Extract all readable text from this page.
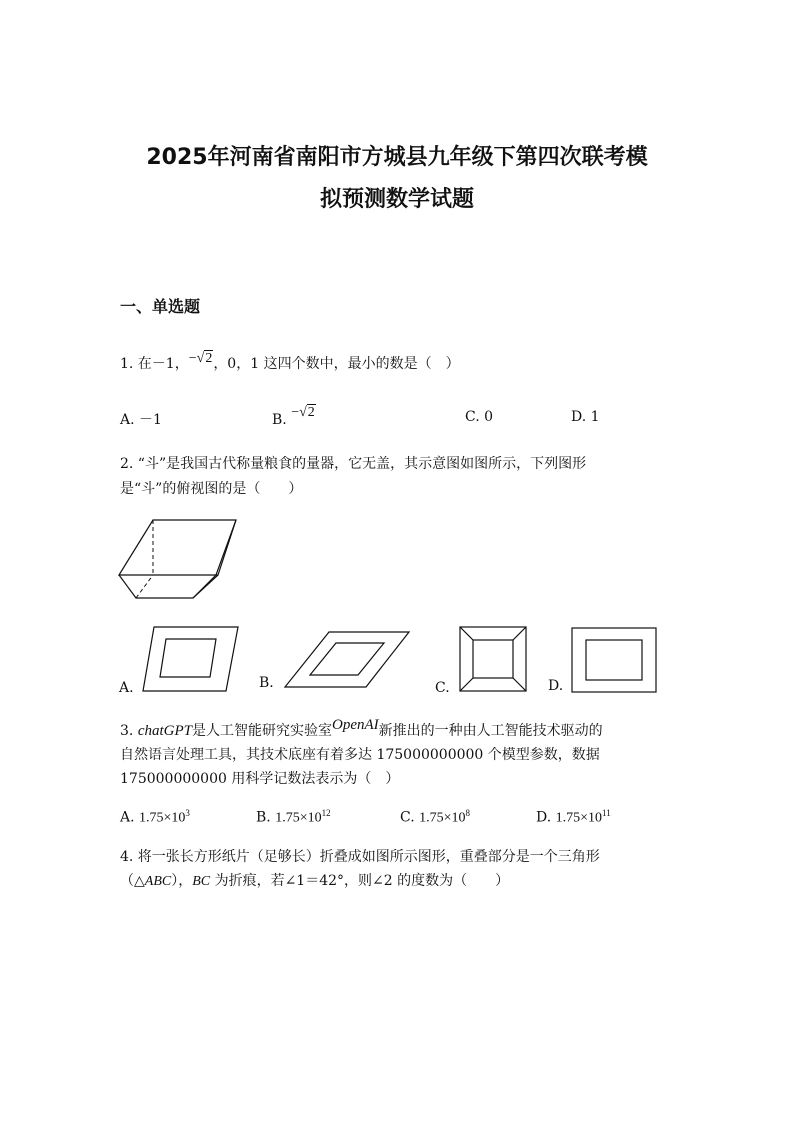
2025年河南省南阳市方城县九年级下第四次联考模
拟预测数学试题
一、单选题
1. 在－1，−√2，0，1 这四个数中，最小的数是（　）
A. －1	B. −√2	C. 0	D. 1
2. “斗”是我国古代称量粮食的量器，它无盖，其示意图如图所示，下列图形
是“斗”的俯视图的是（　　）
A.	B.	C.	D.
3. chatGPT是人工智能研究实验室OpenAI新推出的一种由人工智能技术驱动的
自然语言处理工具，其技术底座有着多达 175000000000 个模型参数，数据
175000000000 用科学记数法表示为（　）
A. $1.75\times 10^3$	B. $1.75\times 10^{12}$	C. $1.75\times 10^8$	D. $1.75\times 10^{11}$
4. 将一张长方形纸片（足够长）折叠成如图所示图形，重叠部分是一个三角形
（△ABC），BC 为折痕，若∠1＝42°，则∠2 的度数为（　　）
